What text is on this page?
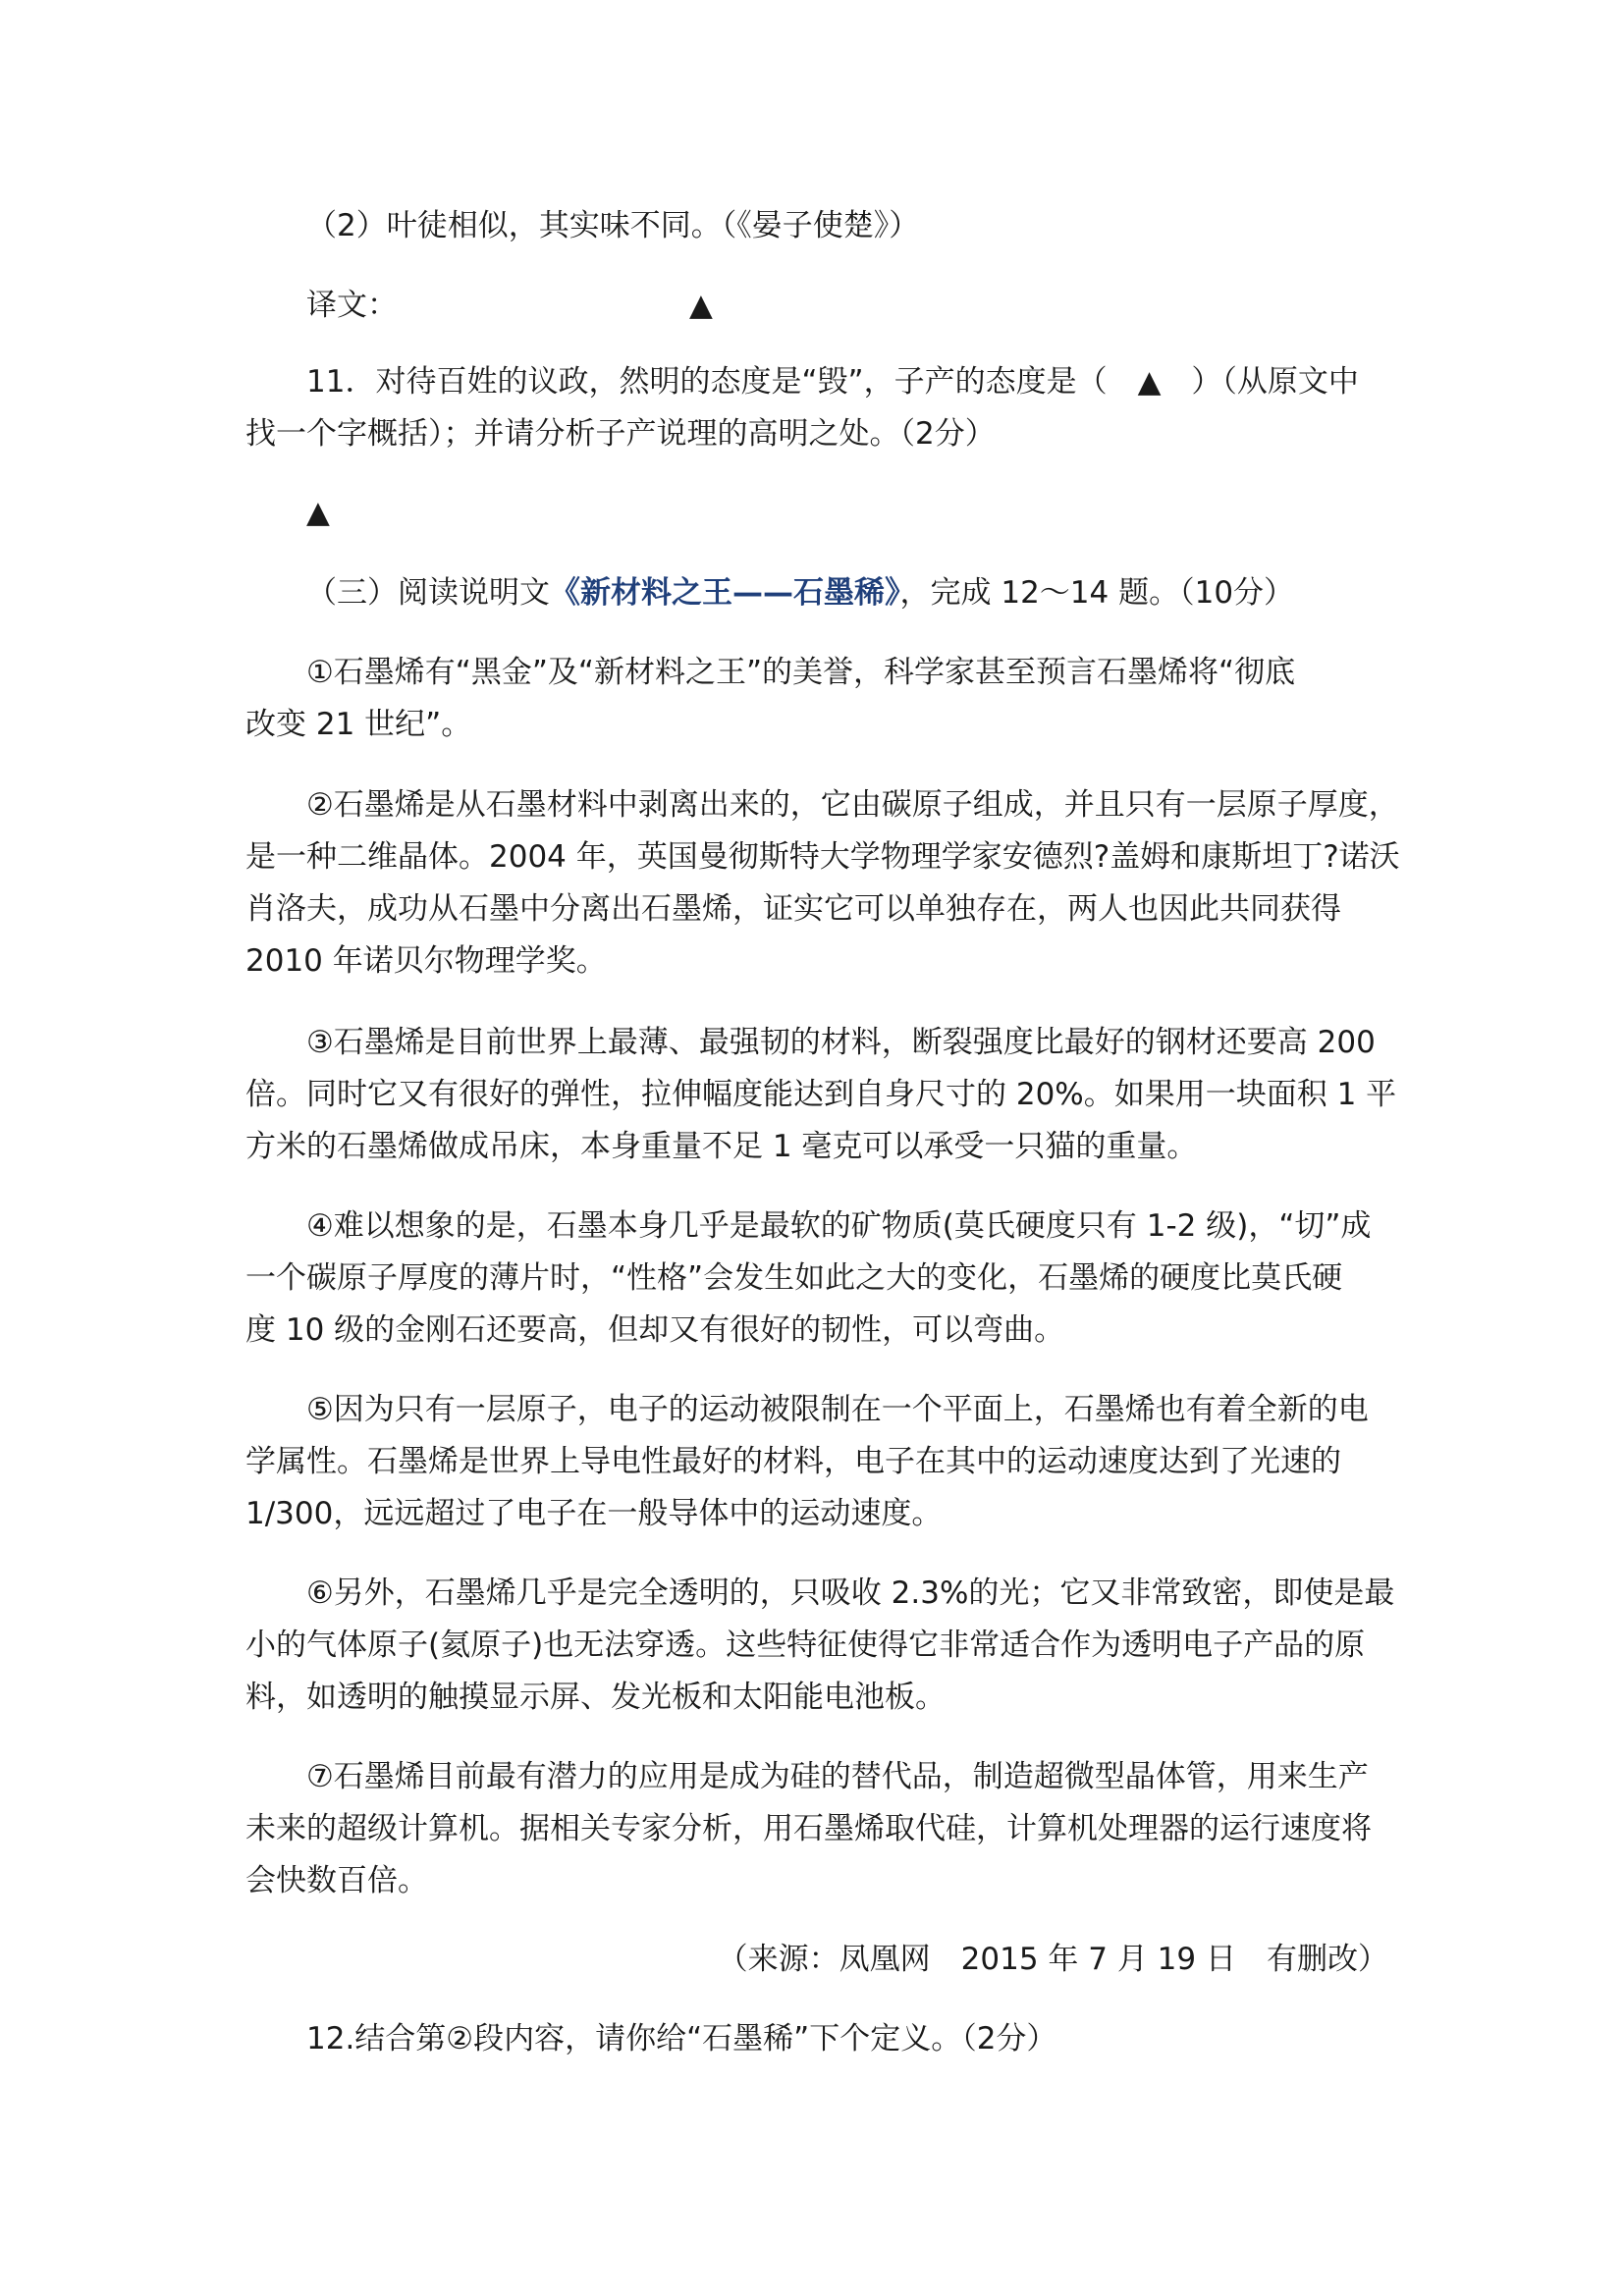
（2）叶徒相似，其实味不同。（《晏子使楚》）
译文：	▲
11．对待百姓的议政，然明的态度是“毁”，子产的态度是（　▲　）（从原文中
找一个字概括）；并请分析子产说理的高明之处。（2分）
▲
（三）阅读说明文《新材料之王——石墨稀》，完成 12～14 题。（10分）
①石墨烯有“黑金”及“新材料之王”的美誉，科学家甚至预言石墨烯将“彻底
改变 21 世纪”。
②石墨烯是从石墨材料中剥离出来的，它由碳原子组成，并且只有一层原子厚度，
是一种二维晶体。2004 年，英国曼彻斯特大学物理学家安德烈?盖姆和康斯坦丁?诺沃
肖洛夫，成功从石墨中分离出石墨烯，证实它可以单独存在，两人也因此共同获得
2010 年诺贝尔物理学奖。
③石墨烯是目前世界上最薄、最强韧的材料，断裂强度比最好的钢材还要高 200
倍。同时它又有很好的弹性，拉伸幅度能达到自身尺寸的 20%。如果用一块面积 1 平
方米的石墨烯做成吊床，本身重量不足 1 毫克可以承受一只猫的重量。
④难以想象的是，石墨本身几乎是最软的矿物质(莫氏硬度只有 1-2 级)，“切”成
一个碳原子厚度的薄片时，“性格”会发生如此之大的变化，石墨烯的硬度比莫氏硬
度 10 级的金刚石还要高，但却又有很好的韧性，可以弯曲。
⑤因为只有一层原子，电子的运动被限制在一个平面上，石墨烯也有着全新的电
学属性。石墨烯是世界上导电性最好的材料，电子在其中的运动速度达到了光速的
1/300，远远超过了电子在一般导体中的运动速度。
⑥另外，石墨烯几乎是完全透明的，只吸收 2.3%的光；它又非常致密，即使是最
小的气体原子(氦原子)也无法穿透。这些特征使得它非常适合作为透明电子产品的原
料，如透明的触摸显示屏、发光板和太阳能电池板。
⑦石墨烯目前最有潜力的应用是成为硅的替代品，制造超微型晶体管，用来生产
未来的超级计算机。据相关专家分析，用石墨烯取代硅，计算机处理器的运行速度将
会快数百倍。
（来源：凤凰网　2015 年 7 月 19 日　有删改）
12.结合第②段内容，请你给“石墨稀”下个定义。（2分）
